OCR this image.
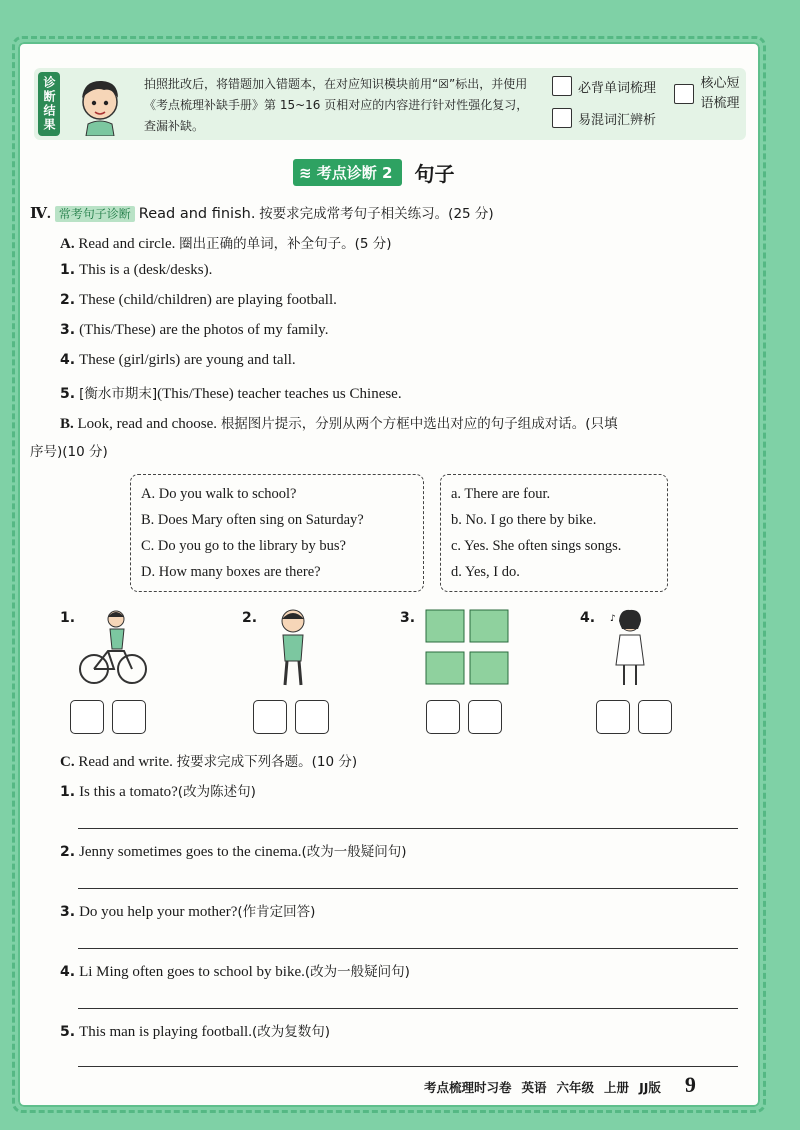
诊断结果	拍照批改后，将错题加入错题本，在对应知识模块前用“☒”标出，并使用《考点梳理补缺手册》第 15~16 页相对应的内容进行针对性强化复习，查漏补缺。
必背单词梳理
易混词汇辨析
核心短语梳理
≋ 考点诊断 2	句子
Ⅳ. 常考句子诊断 Read and finish. 按要求完成常考句子相关练习。(25 分)
A. Read and circle. 圈出正确的单词，补全句子。(5 分)
1. This is a (desk/desks).
2. These (child/children) are playing football.
3. (This/These) are the photos of my family.
4. These (girl/girls) are young and tall.
5. [衡水市期末](This/These) teacher teaches us Chinese.
B. Look, read and choose. 根据图片提示，分别从两个方框中选出对应的句子组成对话。(只填
序号)(10 分)
A. Do you walk to school?
B. Does Mary often sing on Saturday?
C. Do you go to the library by bus?
D. How many boxes are there?
a. There are four.
b. No. I go there by bike.
c. Yes. She often sings songs.
d. Yes, I do.
1.	2.	3.	4. ♪
C. Read and write. 按要求完成下列各题。(10 分)
1. Is this a tomato?(改为陈述句)
2. Jenny sometimes goes to the cinema.(改为一般疑问句)
3. Do you help your mother?(作肯定回答)
4. Li Ming often goes to school by bike.(改为一般疑问句)
5. This man is playing football.(改为复数句)
考点梳理时习卷 英语 六年级 上册 JJ版 9
